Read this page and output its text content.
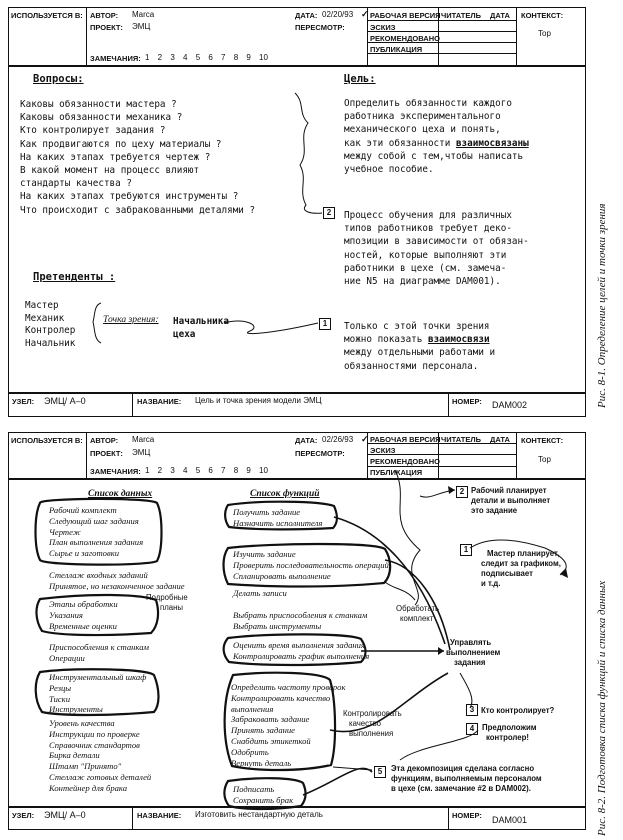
ИСПОЛЬЗУЕТСЯ В: АВТОР: Marca
ПРОЕКТ: ЭМЦ
ЗАМЕЧАНИЯ: 1 2 3 4 5 6 7 8 9 10
ДАТА: 02/20/93
ПЕРЕСМОТР:
✓ РАБОЧАЯ ВЕРСИЯ
ЭСКИЗ
РЕКОМЕНДОВАНО
ПУБЛИКАЦИЯ
ЧИТАТЕЛЬ ДАТА КОНТЕКСТ:
Top
Вопросы:
Каковы обязанности мастера ?
Каковы обязанности механика ?
Кто контролирует задания ?
Как продвигаются по цеху материалы ?
На каких этапах требуется чертеж ?
В какой момент на процесс влияют
стандарты качества ?
На каких этапах требуются инструменты ?
Что происходит с забракованными деталями ?
Цель:
Определить обязанности каждого
работника экспериментального
механического цеха и понять,
как эти обязанности взаимосвязаны
между собой с тем,чтобы написать
учебное пособие.
2	Процесс обучения для различных
типов работников требует деко-
мпозиции в зависимости от обязан-
ностей, которые выполняют эти
работники в цехе (см. замеча-
ние N5 на диаграмме DAM001).
Претенденты :
Мастер
Механик
Контролер
Начальник
Точка зрения: Начальника
цеха
1	Только с этой точки зрения
можно показать взаимосвязи
между отдельными работами и
обязанностями персонала.
УЗЕЛ: ЭМЦ/ А–0	НАЗВАНИЕ: Цель и точка зрения модели ЭМЦ	НОМЕР: DAM002	Рис. 8-1. Определение целей и точки зрения
ИСПОЛЬЗУЕТСЯ В: АВТОР: Marca
ПРОЕКТ: ЭМЦ
ЗАМЕЧАНИЯ: 1 2 3 4 5 6 7 8 9 10
ДАТА: 02/26/93
ПЕРЕСМОТР:
✓ РАБОЧАЯ ВЕРСИЯ
ЭСКИЗ
РЕКОМЕНДОВАНО
ПУБЛИКАЦИЯ
ЧИТАТЕЛЬ ДАТА КОНТЕКСТ:
Top
Список данных
Рабочий комплект
Следующий шаг задания
Чертеж
План выполнения задания
Сырье и заготовки
Стеллаж входных заданий
Принятое, но незаконченное задание
Этапы обработки
Указания
Временные оценки
Подробные
планы
Приспособления к станкам
Операции
Инструментальный шкаф
Резцы
Тиски
Инструменты
Уровень качества
Инструкции по проверке
Справочник стандартов
Бирка детали
Штамп "Принято"
Стеллаж готовых деталей
Контейнер для брака
Список функций
Получить задание
Назначить исполнителя
Изучить задание
Проверить последовательность операций
Спланировать выполнение
Делать записи
Выбрать приспособления к станкам
Выбрать инструменты
Обработать
комплект
Оценить время выполнения задания
Контролировать график выполнения
Управлять
выполнением
задания
Определить частоту проверок
Контролировать качество
выполнения
Забраковать задание
Принять задание
Снабдить этикеткой
Одобрить
Вернуть деталь
Контролировать
качество
выполнения
Подписать
Сохранить брак
2 Рабочий планирует
детали и выполняет
это задание
1	Мастер планирует,
следит за графиком,
подписывает
и т.д.
3 Кто контролирует?
4 Предположим
контролер!
5	Эта декомпозиция сделана согласно
функциям, выполняемым персоналом
в цехе (см. замечание #2 в DAM002).
УЗЕЛ: ЭМЦ/ А–0	НАЗВАНИЕ: Изготовить нестандартную деталь	НОМЕР: DAM001	Рис. 8-2. Подготовка списка функций и списка данных
